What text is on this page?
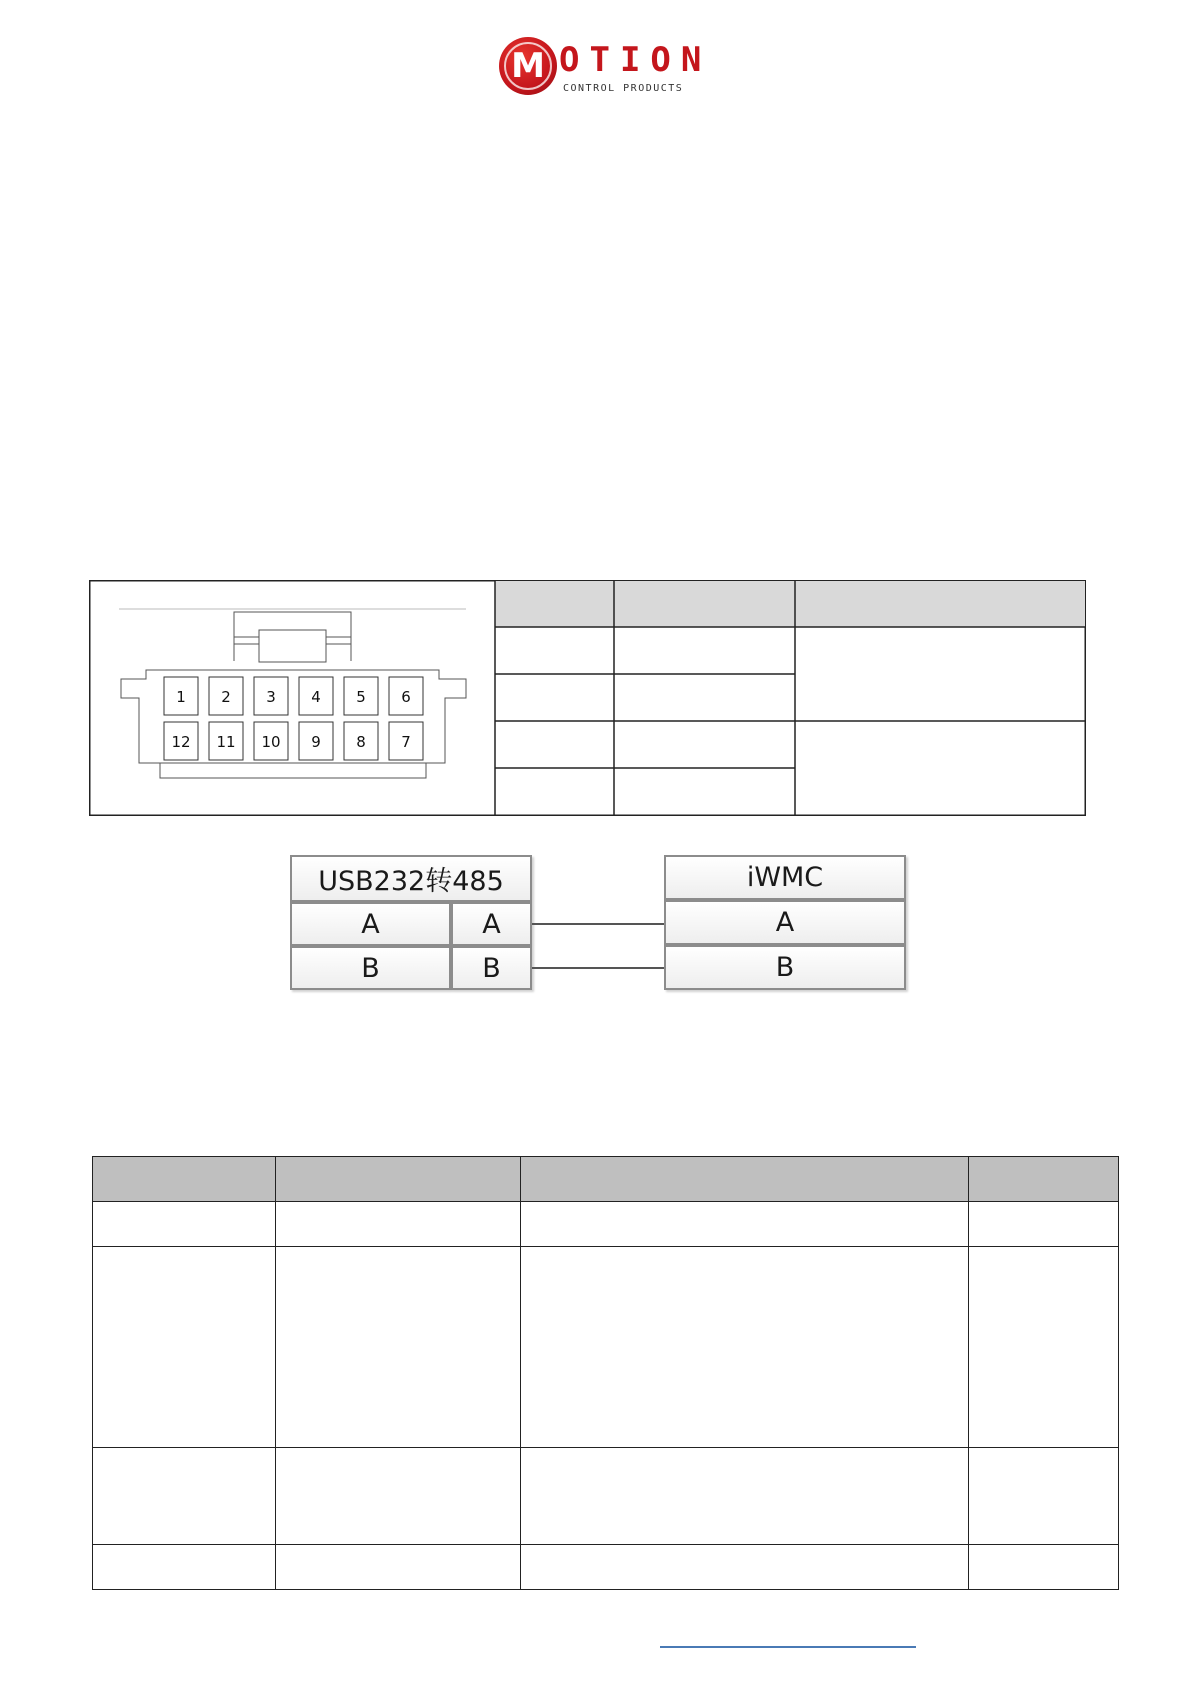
M OTION
CONTROL PRODUCTS
1 2 3 4 5 6
12 11 10 9 8 7
USB232转485
A	A
B	B
iWMC
A
B
